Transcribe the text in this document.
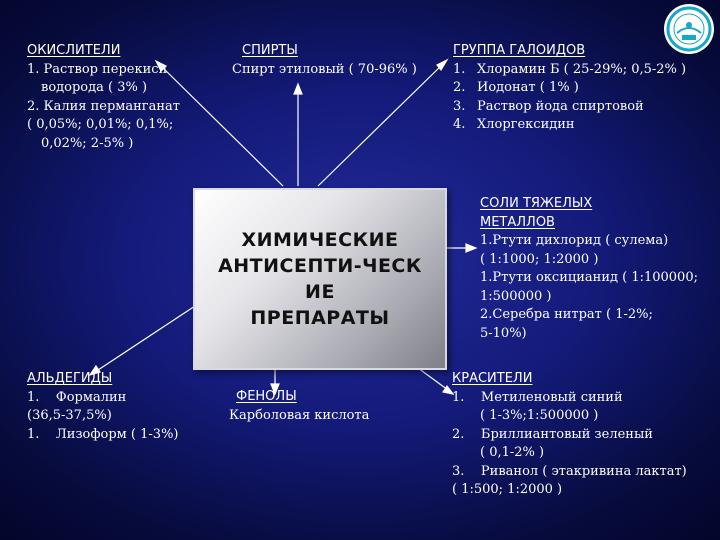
ХИМИЧЕСКИЕ
АНТИСЕПТИ-ЧЕСК
ИЕ
ПРЕПАРАТЫ
ОКИСЛИТЕЛИ
1. Раствор перекиси
водорода ( 3% )
2. Калия перманганат
( 0,05%; 0,01%; 0,1%;
0,02%; 2-5% )
СПИРТЫ
Спирт этиловый ( 70-96% )
ГРУППА ГАЛОИДОВ
1. Хлорамин Б ( 25-29%; 0,5-2% )
2. Иодонат ( 1% )
3. Раствор йода спиртовой
4. Хлоргексидин
СОЛИ ТЯЖЕЛЫХ
МЕТАЛЛОВ
1.Ртути дихлорид ( сулема)
( 1:1000; 1:2000 )
1.Ртути оксицианид ( 1:100000;
1:500000 )
2.Серебра нитрат ( 1-2%;
5-10%)
АЛЬДЕГИДЫ
1.    Формалин
(36,5-37,5%)
1.    Лизоформ ( 1-3%)
ФЕНОЛЫ
Карболовая кислота
КРАСИТЕЛИ
1.    Метиленовый синий
( 1-3%;1:500000 )
2.    Бриллиантовый зеленый
( 0,1-2% )
3.    Риванол ( этакривина лактат)
( 1:500; 1:2000 )
